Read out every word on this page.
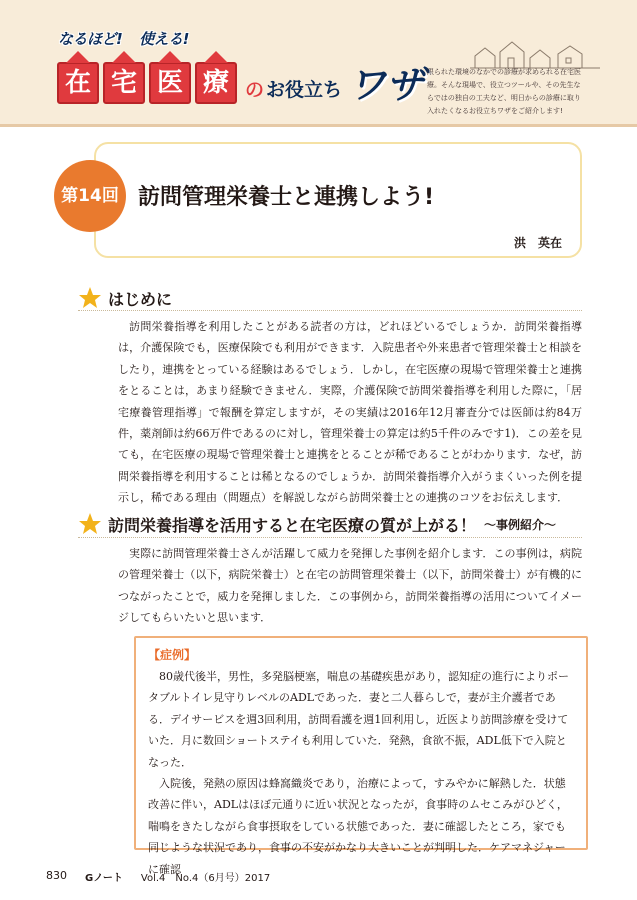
なるほど! 使える!
在 宅 医 療 の お役立ち ワザ 限られた環境のなかでの診療が求められる在宅医療。そんな現場で、役立つツールや、その先生ならではの独自の工夫など、明日からの診療に取り入れたくなるお役立ちワザをご紹介します!
第14回 訪問管理栄養士と連携しよう!
洪　英在
はじめに

訪問栄養指導を利用したことがある読者の方は，どれほどいるでしょうか．訪問栄養指導は，介護保険でも，医療保険でも利用ができます．入院患者や外来患者で管理栄養士と相談をしたり，連携をとっている経験はあるでしょう．しかし，在宅医療の現場で管理栄養士と連携をとることは，あまり経験できません．実際，介護保険で訪問栄養指導を利用した際に，「居宅療養管理指導」で報酬を算定しますが，その実績は2016年12月審査分では医師は約84万件，薬剤師は約66万件であるのに対し，管理栄養士の算定は約5千件のみです1)．この差を見ても，在宅医療の現場で管理栄養士と連携をとることが稀であることがわかります．なぜ，訪問栄養指導を利用することは稀となるのでしょうか．訪問栄養指導介入がうまくいった例を提示し，稀である理由（問題点）を解説しながら訪問栄養士との連携のコツをお伝えします．

訪問栄養指導を活用すると在宅医療の質が上がる！ ～事例紹介～

実際に訪問管理栄養士さんが活躍して威力を発揮した事例を紹介します．この事例は，病院の管理栄養士（以下，病院栄養士）と在宅の訪問管理栄養士（以下，訪問栄養士）が有機的につながったことで，威力を発揮しました．この事例から，訪問栄養指導の活用についてイメージしてもらいたいと思います．

【症例】

80歳代後半，男性，多発脳梗塞，喘息の基礎疾患があり，認知症の進行によりポータブルトイレ見守りレベルのADLであった．妻と二人暮らしで，妻が主介護者である．デイサービスを週3回利用，訪問看護を週1回利用し，近医より訪問診療を受けていた．月に数回ショートステイも利用していた．発熱，食欲不振，ADL低下で入院となった．

入院後，発熱の原因は蜂窩織炎であり，治療によって，すみやかに解熱した．状態改善に伴い，ADLはほぼ元通りに近い状況となったが，食事時のムセこみがひどく，喘鳴をきたしながら食事摂取をしている状態であった．妻に確認したところ，家でも同じような状況であり，食事の不安がかなり大きいことが判明した．ケアマネジャーに確認

830 Gノート Vol.4　No.4（6月号）2017
